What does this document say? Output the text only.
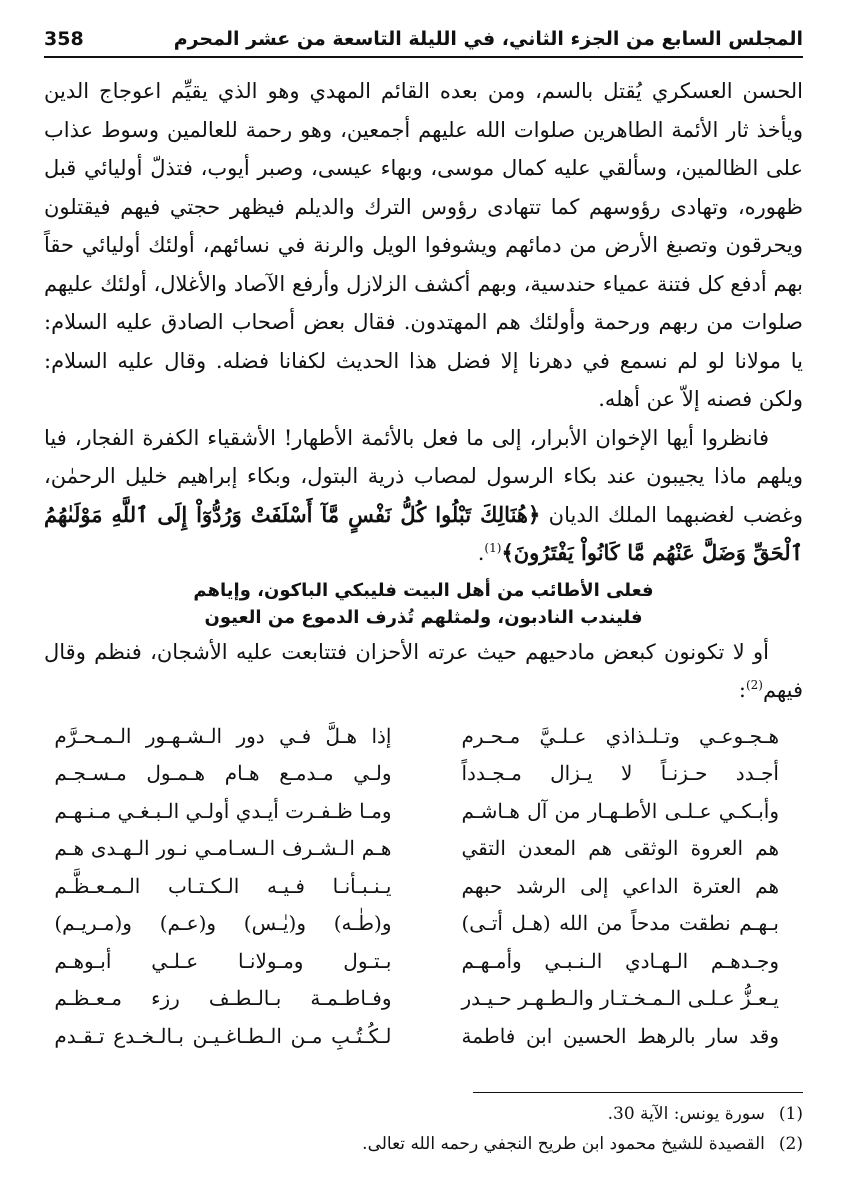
المجلس السابع من الجزء الثاني، في الليلة التاسعة من عشر المحرم
358

الحسن العسكري يُقتل بالسم، ومن بعده القائم المهدي وهو الذي يقيِّم اعوجاج الدين ويأخذ ثار الأئمة الطاهرين صلوات الله عليهم أجمعين، وهو رحمة للعالمين وسوط عذاب على الظالمين، وسألقي عليه كمال موسى، وبهاء عيسى، وصبر أيوب، فتذلّ أوليائي قبل ظهوره، وتهادى رؤوسهم كما تتهادى رؤوس الترك والديلم فيظهر حجتي فيهم فيقتلون ويحرقون وتصبغ الأرض من دمائهم ويشوفوا الويل والرنة في نسائهم، أولئك أوليائي حقاً بهم أدفع كل فتنة عمياء حندسية، وبهم أكشف الزلازل وأرفع الآصاد والأغلال، أولئك عليهم صلوات من ربهم ورحمة وأولئك هم المهتدون. فقال بعض أصحاب الصادق عليه السلام: يا مولانا لو لم نسمع في دهرنا إلا فضل هذا الحديث لكفانا فضله. وقال عليه السلام: ولكن فصنه إلاّ عن أهله.

فانظروا أيها الإخوان الأبرار، إلى ما فعل بالأئمة الأطهار! الأشقياء الكفرة الفجار، فيا ويلهم ماذا يجيبون عند بكاء الرسول لمصاب ذرية البتول، وبكاء إبراهيم خليل الرحمٰن، وغضب لغضبهما الملك الديان ﴿هُنَالِكَ تَبْلُوا كُلُّ نَفْسٍ مَّآ أَسْلَفَتْ وَرُدُّوٓاْ إِلَى ٱللَّهِ مَوْلَىٰهُمُ ٱلْحَقِّ وَضَلَّ عَنْهُم مَّا كَانُواْ يَفْتَرُونَ﴾$^{(1)}$.

فعلى الأطائب من أهل البيت فليبكي الباكون، وإياهم
فليندب النادبون، ولمثلهم تُذرف الدموع من العيون

أو لا تكونون كبعض مادحيهم حيث عرته الأحزان فتتابعت عليه الأشجان، فنظم وقال فيهم$^{(2)}$:

هـجـوعـي وتـلـذاذي عـلـيَّ مـحـرم
إذا هـلَّ فـي دور الـشـهـور الـمـحـرَّم
أجـدد حـزنـاً لا يـزال مـجـدداً
ولـي مـدمـع هـام هـمـول مـسـجـم
وأبـكـي عـلـى الأطـهـار من آل هـاشـم
ومـا ظـفـرت أيـدي أولـي الـبـغـي مـنـهـم
هم العروة الوثقى هم المعدن التقي
هـم الـشـرف الـسـامـي نـور الـهـدى هـم
هم العترة الداعي إلى الرشد حبهم
يـنـبـأنـا فـيـه الـكـتـاب الـمـعـظَّـم
بـهـم نطقت مدحاً من الله (هـل أتـى)
و(طٰـه) و(يٰـس) و(عـم) و(مـريـم)
وجـدهـم الـهـادي الـنـبـي وأمـهـم
بـتـول ومـولانـا عـلـي أبـوهـم
يـعـزُّ عـلـى الـمـخـتـار والـطـهـر حـيـدر
وفـاطـمـة بـالـطـف رزء مـعـظـم
وقد سار بالرهط الحسين ابن فاطمة
لـكُـتُـبِ مـن الـطـاغـيـن بـالـخـدع تـقـدم
(1)
سورة يونس: الآية 30.
(2)
القصيدة للشيخ محمود ابن طريح النجفي رحمه الله تعالى.
